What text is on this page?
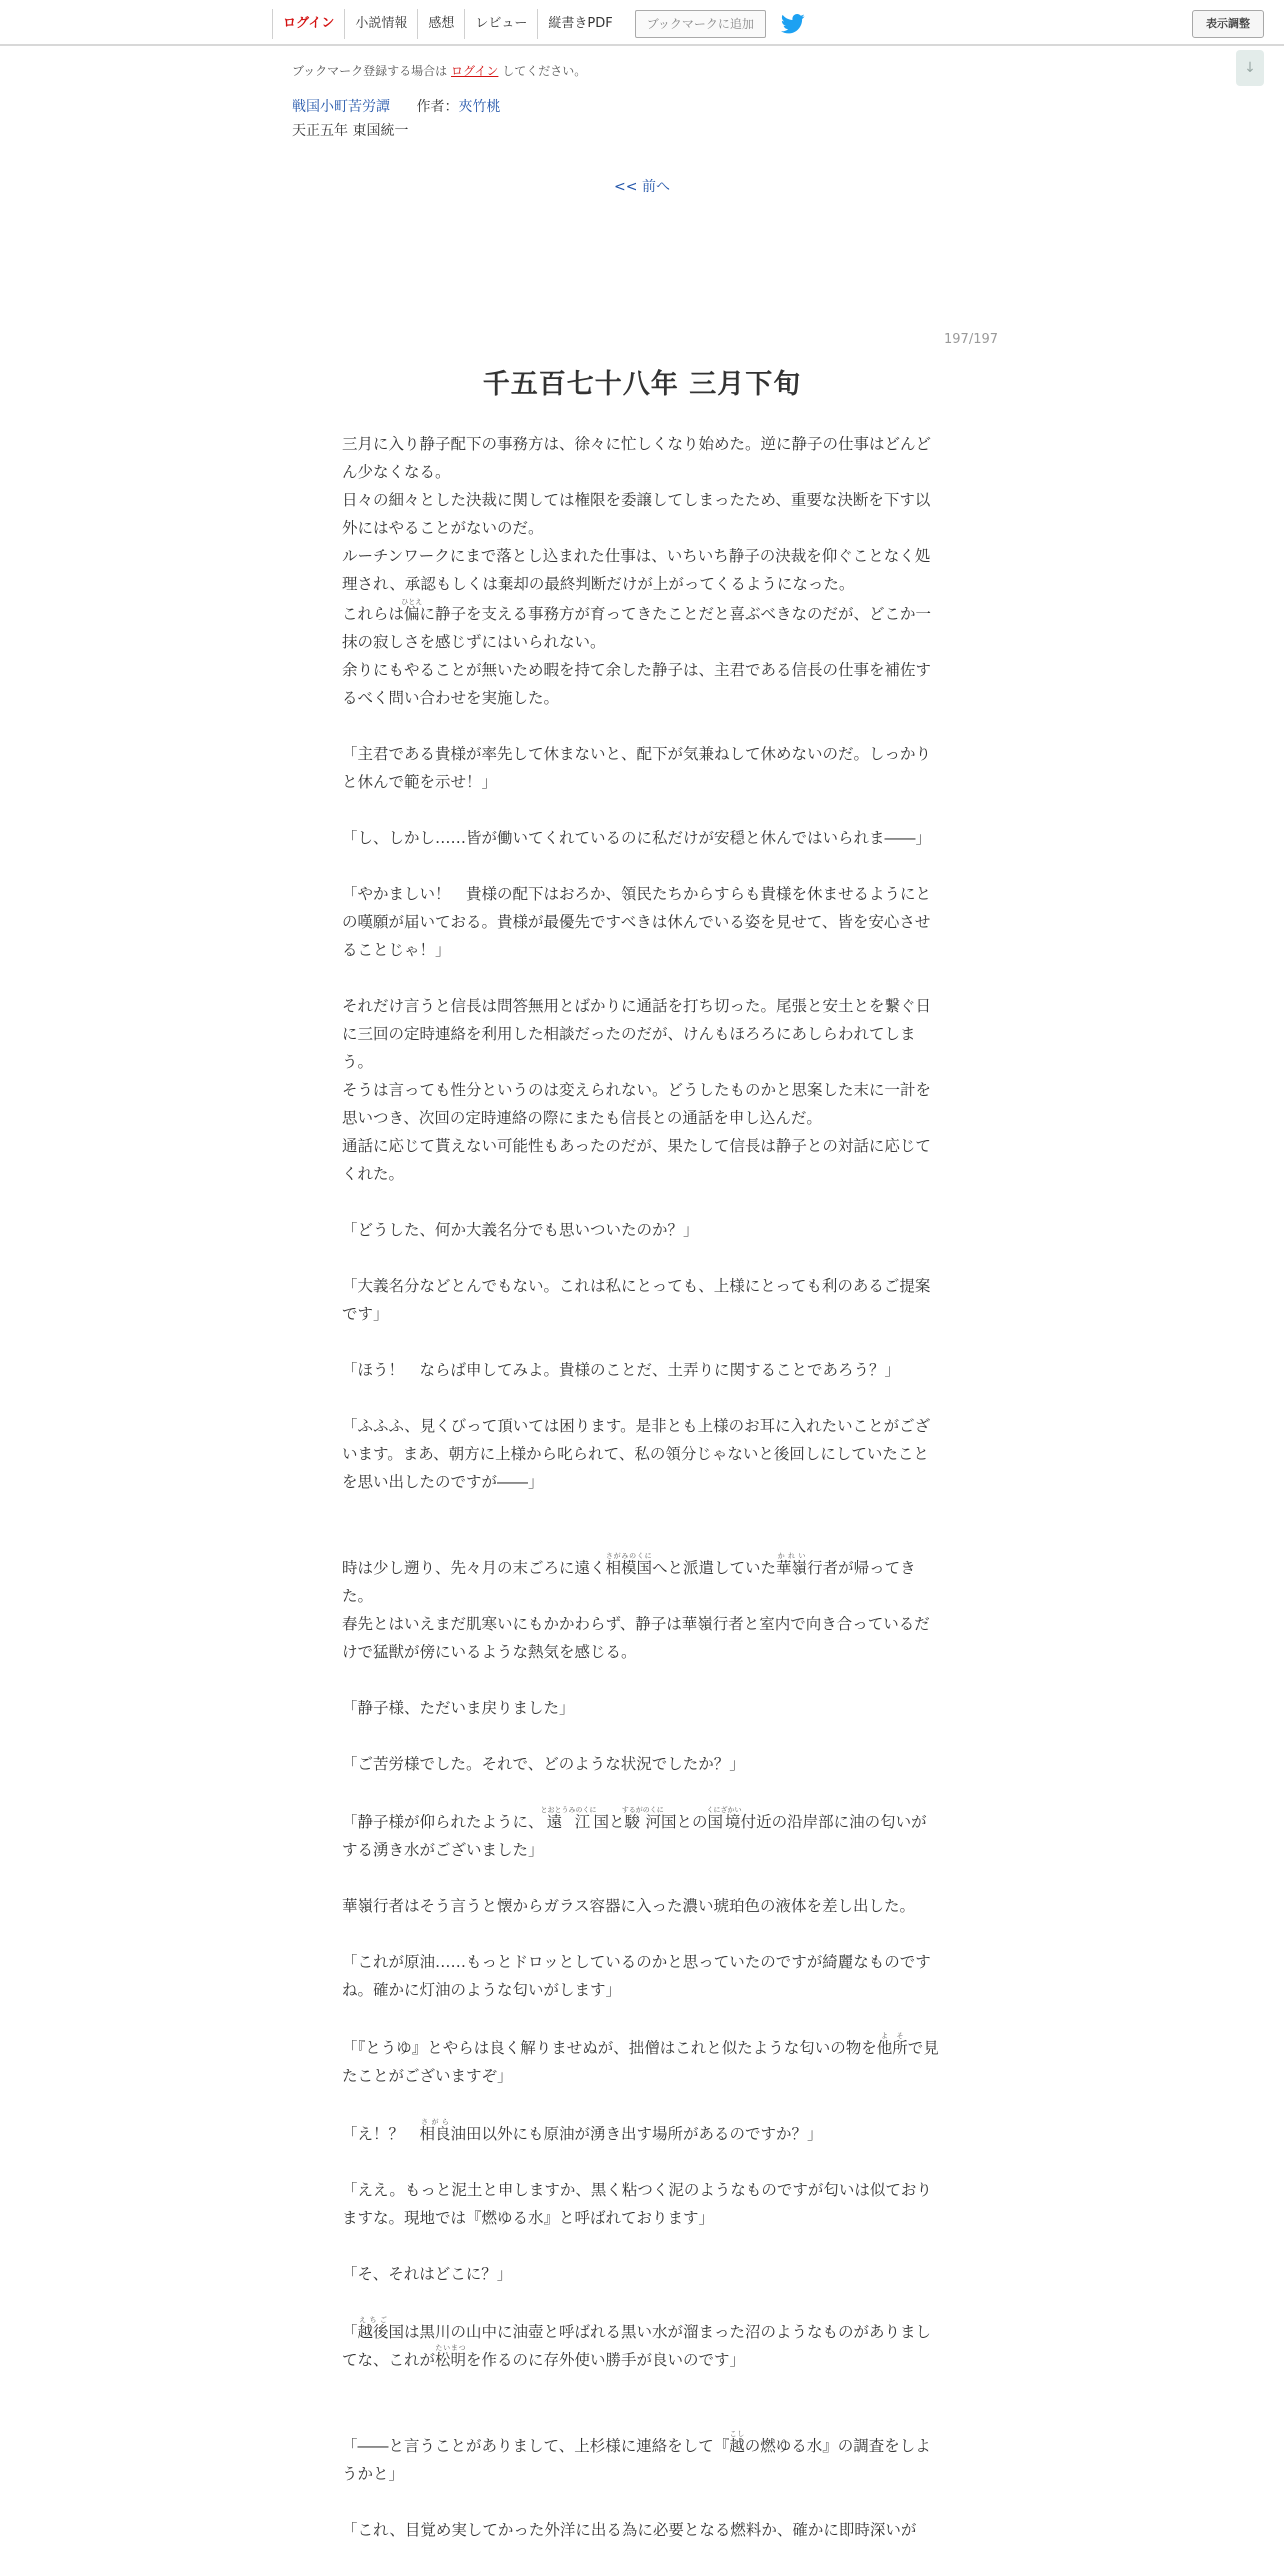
ログイン	小説情報	感想	レビュー	縦書きPDF	ブックマークに追加	表示調整
↓
ブックマーク登録する場合は ログイン してください。
戦国小町苦労譚 作者：夾竹桃
天正五年 東国統一
<< 前へ
197/197
千五百七十八年 三月下旬

三月に入り静子配下の事務方は、徐々に忙しくなり始めた。逆に静子の仕事はどんどん少なくなる。

日々の細々とした決裁に関しては権限を委譲してしまったため、重要な決断を下す以外にはやることがないのだ。

ルーチンワークにまで落とし込まれた仕事は、いちいち静子の決裁を仰ぐことなく処理され、承認もしくは棄却の最終判断だけが上がってくるようになった。

これらは偏ひとえに静子を支える事務方が育ってきたことだと喜ぶべきなのだが、どこか一抹の寂しさを感じずにはいられない。

余りにもやることが無いため暇を持て余した静子は、主君である信長の仕事を補佐するべく問い合わせを実施した。

「主君である貴様が率先して休まないと、配下が気兼ねして休めないのだ。しっかりと休んで範を示せ！」

「し、しかし……皆が働いてくれているのに私だけが安穏と休んではいられま――」

「やかましい！　貴様の配下はおろか、領民たちからすらも貴様を休ませるようにとの嘆願が届いておる。貴様が最優先ですべきは休んでいる姿を見せて、皆を安心させることじゃ！」

それだけ言うと信長は問答無用とばかりに通話を打ち切った。尾張と安土とを繋ぐ日に三回の定時連絡を利用した相談だったのだが、けんもほろろにあしらわれてしまう。

そうは言っても性分というのは変えられない。どうしたものかと思案した末に一計を思いつき、次回の定時連絡の際にまたも信長との通話を申し込んだ。

通話に応じて貰えない可能性もあったのだが、果たして信長は静子との対話に応じてくれた。

「どうした、何か大義名分でも思いついたのか？」

「大義名分などとんでもない。これは私にとっても、上様にとっても利のあるご提案です」

「ほう！　ならば申してみよ。貴様のことだ、土弄りに関することであろう？」

「ふふふ、見くびって頂いては困ります。是非とも上様のお耳に入れたいことがございます。まあ、朝方に上様から叱られて、私の領分じゃないと後回しにしていたことを思い出したのですが――」

時は少し遡り、先々月の末ごろに遠く相模国さがみのくにへと派遣していた華嶺かれい行者が帰ってきた。

春先とはいえまだ肌寒いにもかかわらず、静子は華嶺行者と室内で向き合っているだけで猛獣が傍にいるような熱気を感じる。

「静子様、ただいま戻りました」

「ご苦労様でした。それで、どのような状況でしたか？」

「静子様が仰られたように、遠江とおとうみのくに国と駿河するがのくに国との国境くにざかい付近の沿岸部に油の匂いがする湧き水がございました」

華嶺行者はそう言うと懐からガラス容器に入った濃い琥珀色の液体を差し出した。

「これが原油……もっとドロッとしているのかと思っていたのですが綺麗なものですね。確かに灯油のような匂いがします」

「『とうゆ』とやらは良く解りませぬが、拙僧はこれと似たような匂いの物を他所よそで見たことがございますぞ」

「え！？　相良さがら油田以外にも原油が湧き出す場所があるのですか？」

「ええ。もっと泥土と申しますか、黒く粘つく泥のようなものですが匂いは似ておりますな。現地では『燃ゆる水』と呼ばれております」

「そ、それはどこに？」

「越後えちご国は黒川の山中に油壺と呼ばれる黒い水が溜まった沼のようなものがありましてな、これが松明たいまつを作るのに存外使い勝手が良いのです」

「――と言うことがありまして、上杉様に連絡をして『越こしの燃ゆる水』の調査をしようかと」

「これ、目覚め実してかった外洋に出る為に必要となる燃料か、確かに即時深いが
